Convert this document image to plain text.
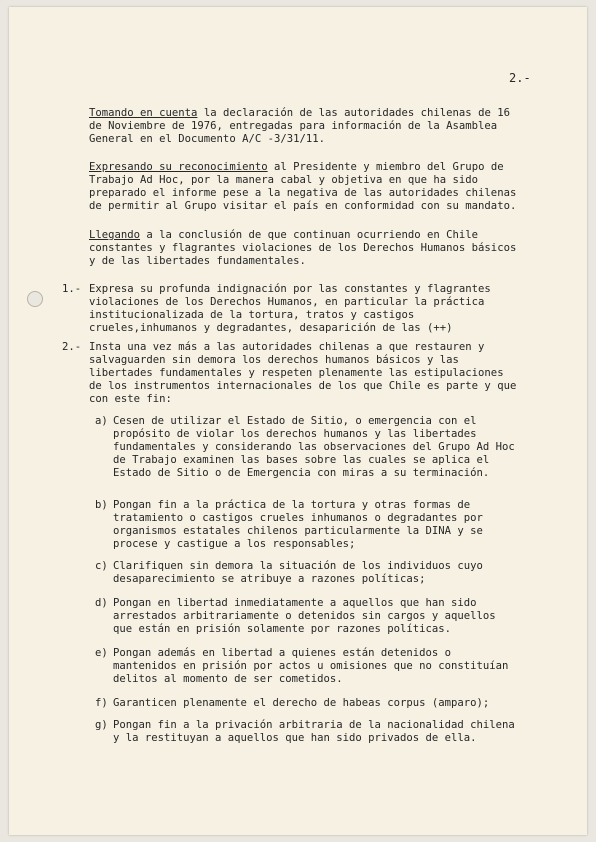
2.-

Tomando en cuenta la declaración de las autoridades chilenas de 16 de Noviembre de 1976, entregadas para información de la Asamblea General en el Documento A/C -3/31/11.

Expresando su reconocimiento al Presidente y miembro del Grupo de Trabajo Ad Hoc, por la manera cabal y objetiva en que ha sido preparado el informe pese a la negativa de las autoridades chilenas de permitir al Grupo visitar el país en conformidad con su mandato.

Llegando a la conclusión de que continuan ocurriendo en Chile constantes y flagrantes violaciones de los Derechos Humanos básicos y de las libertades fundamentales.

1.- Expresa su profunda indignación por las constantes y flagrantes violaciones de los Derechos Humanos, en particular la práctica institucionalizada de la tortura, tratos y castigos crueles,inhumanos y degradantes, desaparición de las (++)

2.- Insta una vez más a las autoridades chilenas a que restauren y salvaguarden sin demora los derechos humanos básicos y las libertades fundamentales y respeten plenamente las estipulaciones de los instrumentos internacionales de los que Chile es parte y que con este fin:

a) Cesen de utilizar el Estado de Sitio, o emergencia con el propósito de violar los derechos humanos y las libertades fundamentales y considerando las observaciones del Grupo Ad Hoc de Trabajo examinen las bases sobre las cuales se aplica el Estado de Sitio o de Emergencia con miras a su terminación.
b) Pongan fin a la práctica de la tortura y otras formas de tratamiento o castigos crueles inhumanos o degradantes por organismos estatales chilenos particularmente la DINA y se procese y castigue a los responsables;
c) Clarifiquen sin demora la situación de los individuos cuyo desaparecimiento se atribuye a razones políticas;
d) Pongan en libertad inmediatamente a aquellos que han sido arrestados arbitrariamente o detenidos sin cargos y aquellos que están en prisión solamente por razones políticas.
e) Pongan además en libertad a quienes están detenidos o mantenidos en prisión por actos u omisiones que no constituían delitos al momento de ser cometidos.
f) Garanticen plenamente el derecho de habeas corpus (amparo);
g) Pongan fin a la privación arbitraria de la nacionalidad chilena y la restituyan a aquellos que han sido privados de ella.
